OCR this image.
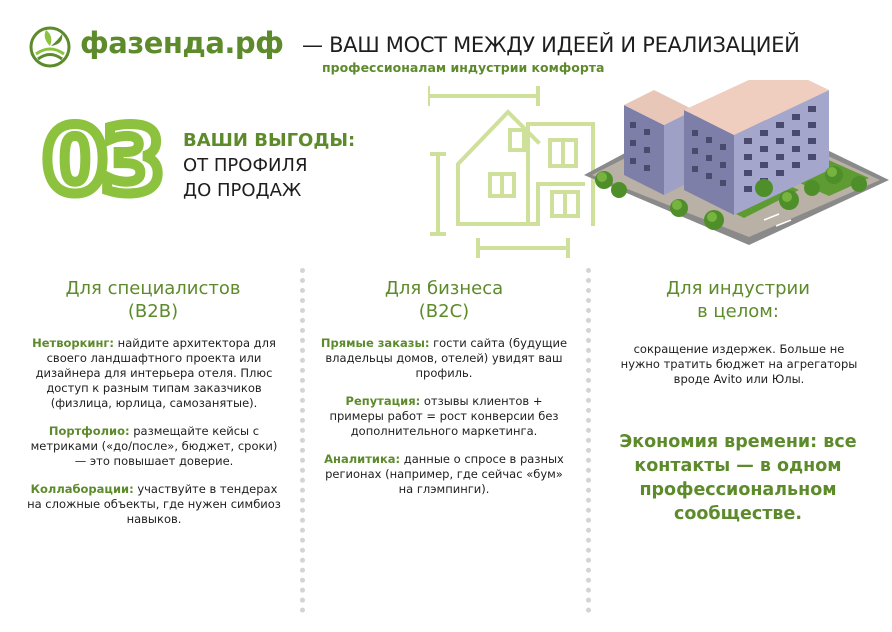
фазенда.рф — ВАШ МОСТ МЕЖДУ ИДЕЕЙ И РЕАЛИЗАЦИЕЙ
профессионалам индустрии комфорта
03	ВАШИ ВЫГОДЫ:
ОТ ПРОФИЛЯ
ДО ПРОДАЖ
Для специалистов
(B2B)

Нетворкинг: найдите архитектора для своего ландшафтного проекта или дизайнера для интерьера отеля. Плюс доступ к разным типам заказчиков (физлица, юрлица, самозанятые).

Портфолио: размещайте кейсы с метриками («до/после», бюджет, сроки) — это повышает доверие.

Коллаборации: участвуйте в тендерах на сложные объекты, где нужен симбиоз навыков.

Для бизнеса
(B2C)

Прямые заказы: гости сайта (будущие владельцы домов, отелей) увидят ваш профиль.

Репутация: отзывы клиентов + примеры работ = рост конверсии без дополнительного маркетинга.

Аналитика: данные о спросе в разных регионах (например, где сейчас «бум» на глэмпинги).

Для индустрии
в целом:
сокращение издержек. Больше не нужно тратить бюджет на агрегаторы вроде Avito или Юлы.
Экономия времени: все контакты — в одном профессиональном сообществе.
